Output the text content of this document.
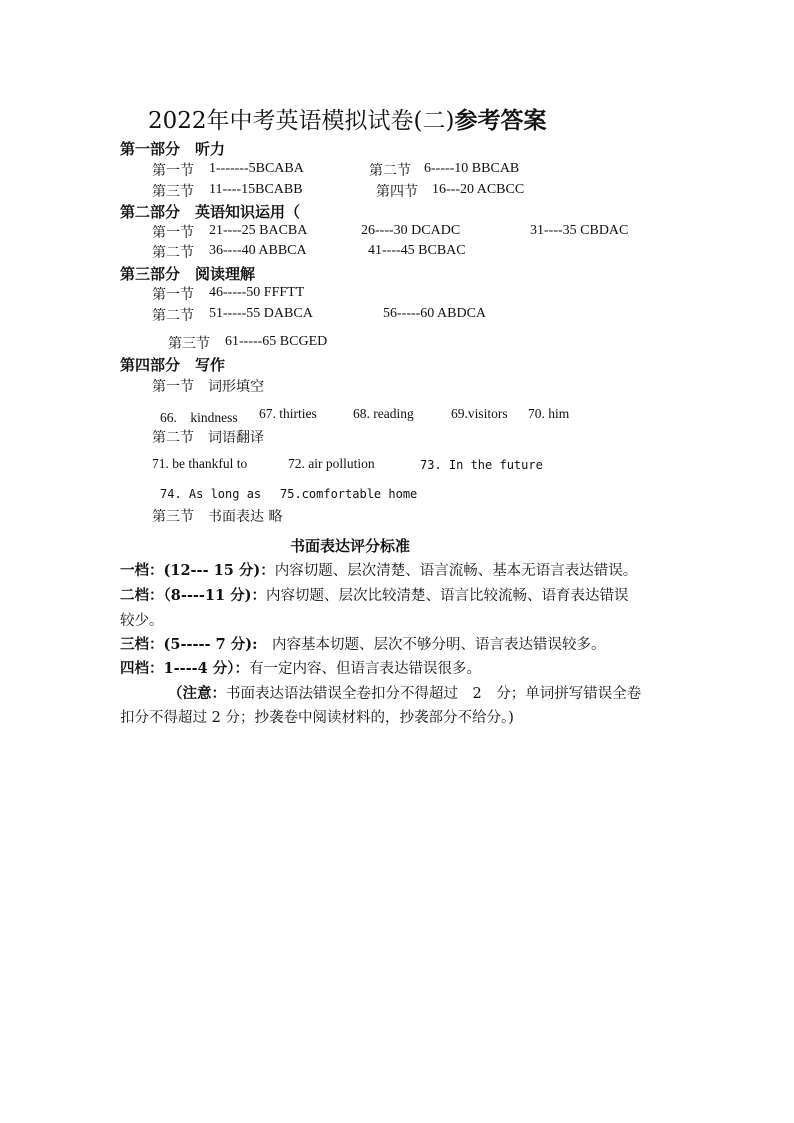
2022年中考英语模拟试卷(二)参考答案
第一部分　听力
第一节 1-------5BCABA	第二节 6-----10 BBCAB
第三节 11----15BCABB	第四节 16---20 ACBCC
第二部分　英语知识运用（
第一节 21----25 BACBA	26----30 DCADC	31----35 CBDAC
第二节 36----40 ABBCA	41----45 BCBAC
第三部分　阅读理解
第一节 46-----50 FFFTT
第二节 51-----55 DABCA	56-----60 ABDCA
第三节 61-----65 BCGED
第四部分　写作
第一节　词形填空
66.　kindness 67. thirties	68. reading	69.visitors 70. him
第二节　词语翻译
71. be thankful to	72. air pollution	73. In the future
74. As long as 75.comfortable home
第三节　书面表达 略
书面表达评分标准
一档：(12--- 15 分)：内容切题、层次清楚、语言流畅、基本无语言表达错误。
二档：（8----11 分)：内容切题、层次比较清楚、语言比较流畅、语育表达错误
较少。
三档：(5----- 7 分):　内容基本切题、层次不够分明、语言表达错误较多。
四档：1----4 分）：有一定内容、但语言表达错误很多。
（注意：书面表达语法错误全卷扣分不得超过　2　分；单词拼写错误全卷
扣分不得超过 2 分；抄袭卷中阅读材料的，抄袭部分不给分。)
